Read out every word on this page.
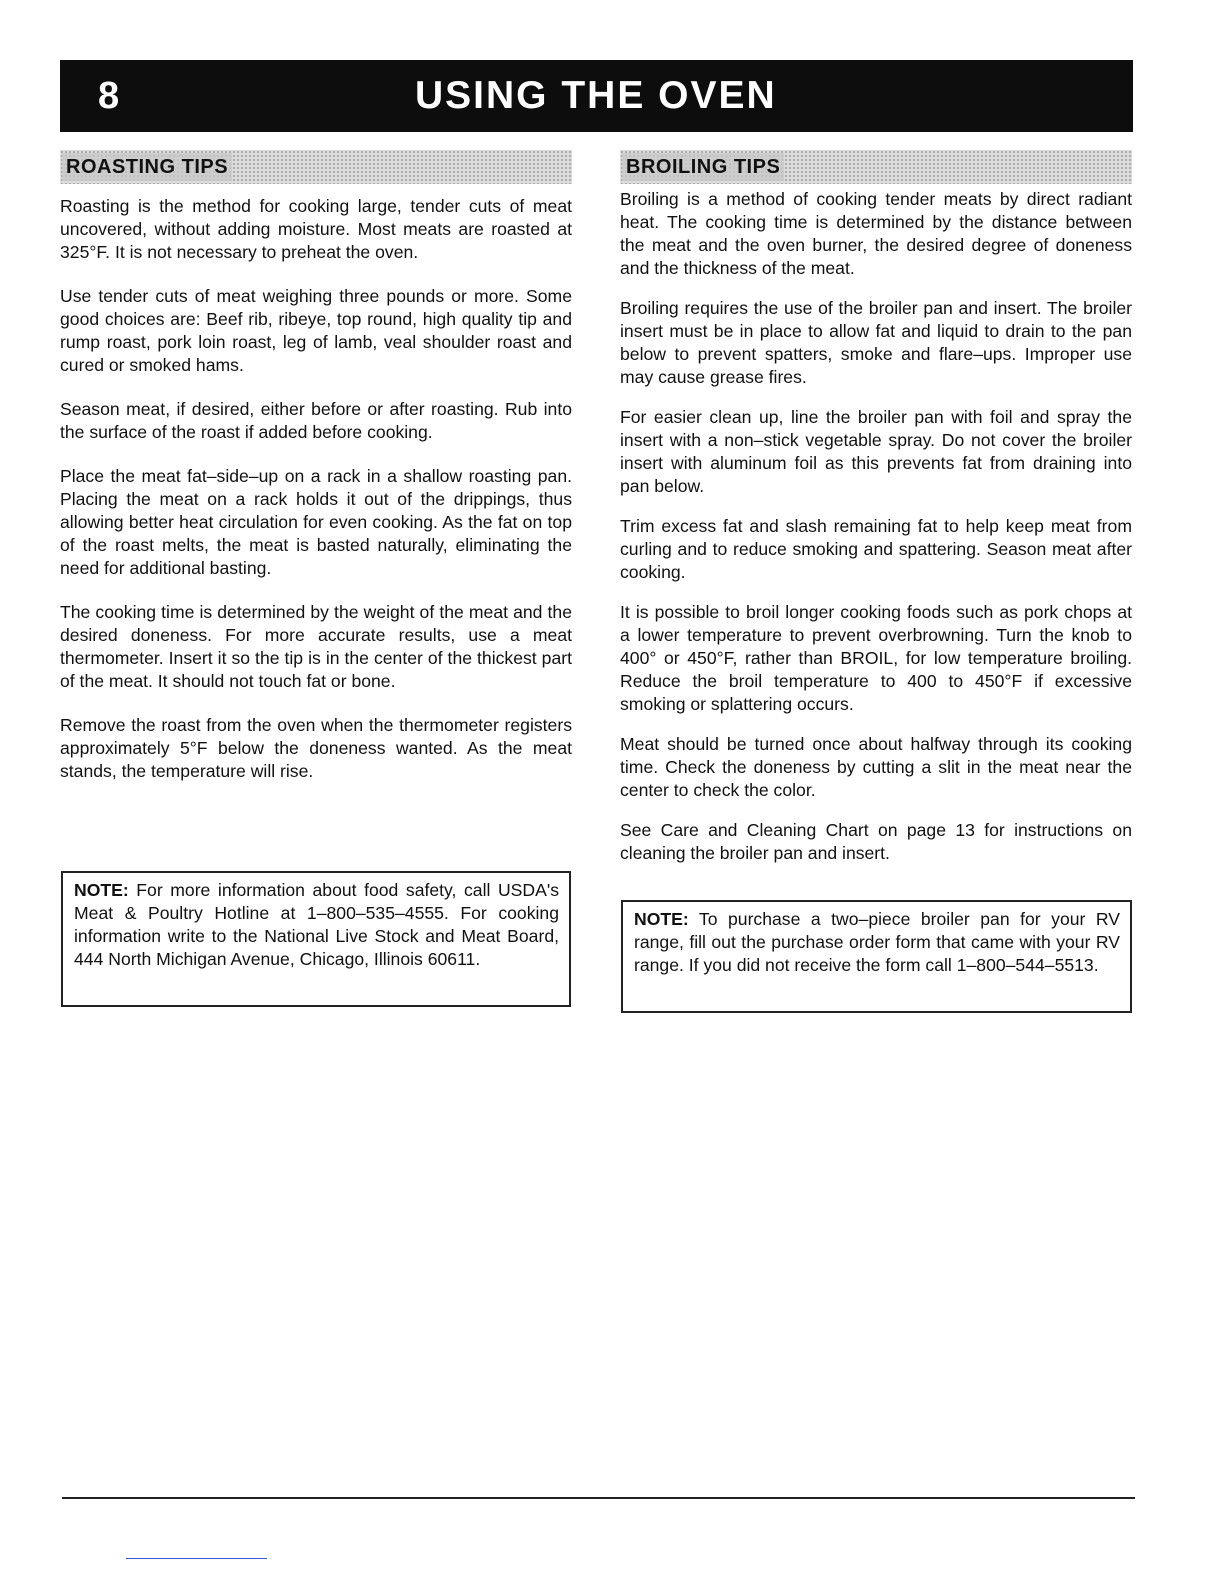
8	USING THE OVEN
ROASTING TIPS

Roasting is the method for cooking large, tender cuts of meat uncovered, without adding moisture. Most meats are roasted at 325°F. It is not necessary to preheat the oven.

Use tender cuts of meat weighing three pounds or more. Some good choices are: Beef rib, ribeye, top round, high quality tip and rump roast, pork loin roast, leg of lamb, veal shoulder roast and cured or smoked hams.

Season meat, if desired, either before or after roasting. Rub into the surface of the roast if added before cooking.

Place the meat fat–side–up on a rack in a shallow roasting pan. Placing the meat on a rack holds it out of the drippings, thus allowing better heat circulation for even cooking. As the fat on top of the roast melts, the meat is basted naturally, eliminating the need for additional basting.

The cooking time is determined by the weight of the meat and the desired doneness. For more accurate results, use a meat thermometer. Insert it so the tip is in the center of the thickest part of the meat. It should not touch fat or bone.

Remove the roast from the oven when the thermometer registers approximately 5°F below the doneness wanted. As the meat stands, the temperature will rise.

NOTE: For more information about food safety, call USDA's Meat & Poultry Hotline at 1–800–535–4555. For cooking information write to the National Live Stock and Meat Board, 444 North Michigan Avenue, Chicago, Illinois 60611.
BROILING TIPS

Broiling is a method of cooking tender meats by direct radiant heat. The cooking time is determined by the distance between the meat and the oven burner, the desired degree of doneness and the thickness of the meat.

Broiling requires the use of the broiler pan and insert. The broiler insert must be in place to allow fat and liquid to drain to the pan below to prevent spatters, smoke and flare–ups. Improper use may cause grease fires.

For easier clean up, line the broiler pan with foil and spray the insert with a non–stick vegetable spray. Do not cover the broiler insert with aluminum foil as this prevents fat from draining into pan below.

Trim excess fat and slash remaining fat to help keep meat from curling and to reduce smoking and spattering. Season meat after cooking.

It is possible to broil longer cooking foods such as pork chops at a lower temperature to prevent overbrowning. Turn the knob to 400° or 450°F, rather than BROIL, for low temperature broiling. Reduce the broil temperature to 400 to 450°F if excessive smoking or splattering occurs.

Meat should be turned once about halfway through its cooking time. Check the doneness by cutting a slit in the meat near the center to check the color.

See Care and Cleaning Chart on page 13 for instructions on cleaning the broiler pan and insert.

NOTE: To purchase a two–piece broiler pan for your RV range, fill out the purchase order form that came with your RV range. If you did not receive the form call 1–800–544–5513.
